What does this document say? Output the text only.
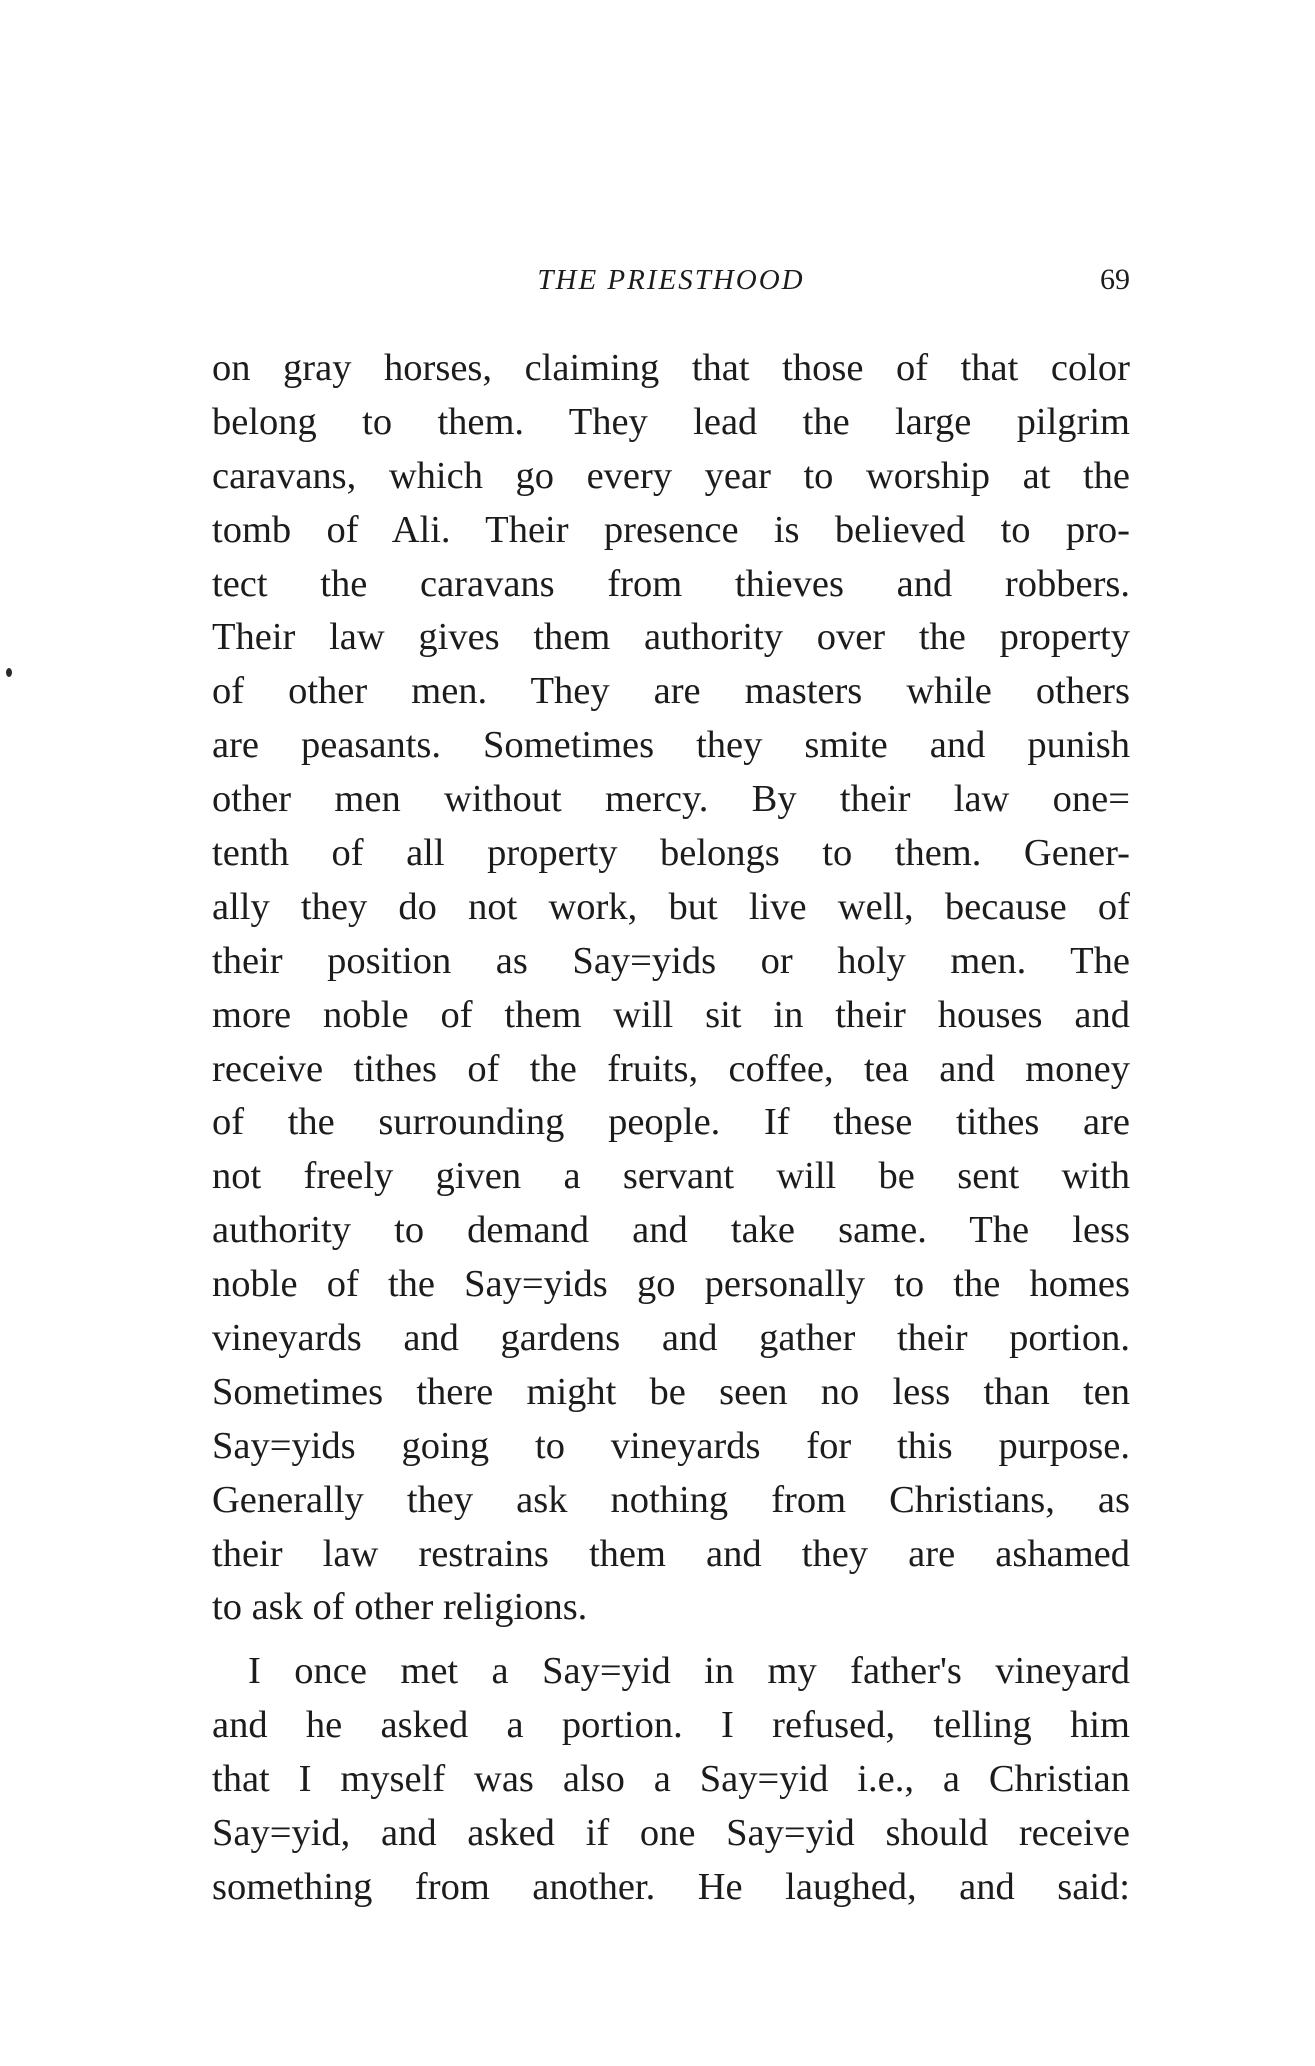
THE PRIESTHOOD	69
on gray horses, claiming that those of that color
belong to them. They lead the large pilgrim
caravans, which go every year to worship at the
tomb of Ali. Their presence is believed to pro-
tect the caravans from thieves and robbers.
Their law gives them authority over the property
of other men. They are masters while others
are peasants. Sometimes they smite and punish
other men without mercy. By their law one=
tenth of all property belongs to them. Gener-
ally they do not work, but live well, because of
their position as Say=yids or holy men. The
more noble of them will sit in their houses and
receive tithes of the fruits, coffee, tea and money
of the surrounding people. If these tithes are
not freely given a servant will be sent with
authority to demand and take same. The less
noble of the Say=yids go personally to the homes
vineyards and gardens and gather their portion.
Sometimes there might be seen no less than ten
Say=yids going to vineyards for this purpose.
Generally they ask nothing from Christians, as
their law restrains them and they are ashamed
to ask of other religions.
I once met a Say=yid in my father's vineyard
and he asked a portion. I refused, telling him
that I myself was also a Say=yid i.e., a Christian
Say=yid, and asked if one Say=yid should receive
something from another. He laughed, and said:
